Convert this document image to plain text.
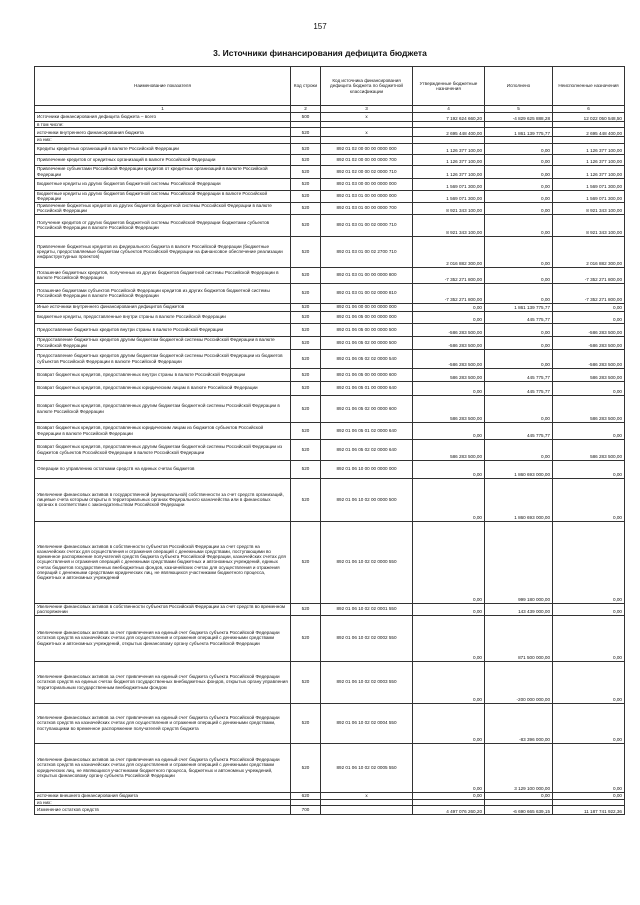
157
3. Источники финансирования дефицита бюджета
Наименование показателя	Код строки	Код источника финансирования дефицита бюджета по бюджетной классификации	Утвержденные бюджетные назначения	Исполнено	Неисполненные назначения
1	2	3	4	5	6
Источники финансирования дефицита бюджета – всего	500	x	7 192 624 660,20	-4 829 625 888,28	12 022 050 548,50
в том числе:					
источники внутреннего финансирования бюджета	520	x	2 695 448 400,00	1 861 139 775,77	2 695 448 400,00
из них:					
Кредиты кредитных организаций в валюте Российской Федерации	520	892 01 02 00 00 00 0000 000	1 126 377 100,00	0,00	1 126 377 100,00
Привлечение кредитов от кредитных организаций в валюте Российской Федерации	520	892 01 02 00 00 00 0000 700	1 126 377 100,00	0,00	1 126 377 100,00
Привлечение субъектами Российской Федерации кредитов от кредитных организаций в валюте Российской Федерации	520	892 01 02 00 00 02 0000 710	1 126 377 100,00	0,00	1 126 377 100,00
Бюджетные кредиты из других бюджетов бюджетной системы Российской Федерации	520	892 01 03 00 00 00 0000 000	1 569 071 300,00	0,00	1 569 071 300,00
Бюджетные кредиты из других бюджетов бюджетной системы Российской Федерации в валюте Российской Федерации	520	892 01 03 01 00 00 0000 000	1 569 071 300,00	0,00	1 569 071 300,00
Привлечение бюджетных кредитов из других бюджетов бюджетной системы Российской Федерации в валюте Российской Федерации	520	892 01 03 01 00 00 0000 700	8 921 343 100,00	0,00	8 921 343 100,00
Получение кредитов от других бюджетов бюджетной системы Российской Федерации бюджетами субъектов Российской Федерации в валюте Российской Федерации	520	892 01 03 01 00 02 0000 710	8 921 343 100,00	0,00	8 921 343 100,00
Привлечение бюджетных кредитов из федерального бюджета в валюте Российской Федерации (бюджетные кредиты, предоставляемые бюджетам субъектов Российской Федерации на финансовое обеспечение реализации инфраструктурных проектов)	520	892 01 03 01 00 02 2700 710	2 016 882 300,00	0,00	2 016 882 300,00
Погашение бюджетных кредитов, полученных из других бюджетов бюджетной системы Российской Федерации в валюте Российской Федерации	520	892 01 03 01 00 00 0000 800	-7 352 271 800,00	0,00	-7 352 271 800,00
Погашение бюджетами субъектов Российской Федерации кредитов из других бюджетов бюджетной системы Российской Федерации в валюте Российской Федерации	520	892 01 03 01 00 02 0000 810	-7 352 271 800,00	0,00	-7 352 271 800,00
Иные источники внутреннего финансирования дефицитов бюджетов	520	892 01 06 00 00 00 0000 000	0,00	1 861 139 775,77	0,00
Бюджетные кредиты, предоставленные внутри страны в валюте Российской Федерации	520	892 01 06 05 00 00 0000 000	0,00	445 775,77	0,00
Предоставление бюджетных кредитов внутри страны в валюте Российской Федерации	520	892 01 06 05 00 00 0000 500	-586 283 500,00	0,00	-586 283 500,00
Предоставление бюджетных кредитов другим бюджетам бюджетной системы Российской Федерации в валюте Российской Федерации	520	892 01 06 05 02 00 0000 500	-586 283 500,00	0,00	-586 283 500,00
Предоставление бюджетных кредитов другим бюджетам бюджетной системы Российской Федерации из бюджетов субъектов Российской Федерации в валюте Российской Федерации	520	892 01 06 05 02 02 0000 540	-586 283 500,00	0,00	-586 283 500,00
Возврат бюджетных кредитов, предоставленных внутри страны в валюте Российской Федерации	520	892 01 06 05 00 00 0000 600	586 283 500,00	445 775,77	586 283 500,00
Возврат бюджетных кредитов, предоставленных юридическим лицам в валюте Российской Федерации	520	892 01 06 05 01 00 0000 640	0,00	445 775,77	0,00
Возврат бюджетных кредитов, предоставленных другим бюджетам бюджетной системы Российской Федерации в валюте Российской Федерации	520	892 01 06 05 02 00 0000 600	586 283 500,00	0,00	586 283 500,00
Возврат бюджетных кредитов, предоставленных юридическим лицам из бюджетов субъектов Российской Федерации в валюте Российской Федерации	520	892 01 06 05 01 02 0000 640	0,00	445 775,77	0,00
Возврат бюджетных кредитов, предоставленных другим бюджетам бюджетной системы Российской Федерации из бюджетов субъектов Российской Федерации в валюте Российской Федерации	520	892 01 06 05 02 02 0000 640	586 283 500,00	0,00	586 283 500,00
Операции по управлению остатками средств на единых счетах бюджетов	520	892 01 06 10 00 00 0000 000	0,00	1 860 693 000,00	0,00
Увеличение финансовых активов в государственной (муниципальной) собственности за счет средств организаций, лицевые счета которым открыты в территориальных органах Федерального казначейства или в финансовых органах в соответствии с законодательством Российской Федерации	520	892 01 06 10 02 00 0000 500	0,00	1 860 693 000,00	0,00
Увеличение финансовых активов в собственности субъектов Российской Федерации за счет средств на казначейских счетах для осуществления и отражения операций с денежными средствами, поступающими во временное распоряжение получателей средств бюджета субъекта Российской Федерации, казначейских счетах для осуществления и отражения операций с денежными средствами бюджетных и автономных учреждений, единых счетах бюджетов государственных внебюджетных фондов, казначейских счетах для осуществления и отражения операций с денежными средствами юридических лиц, не являющихся участниками бюджетного процесса, бюджетных и автономных учреждений	520	892 01 06 10 02 02 0000 550	0,00	999 180 000,00	0,00
Увеличение финансовых активов в собственности субъектов Российской Федерации за счет средств во временном распоряжении	520	892 01 06 10 02 02 0001 550	0,00	143 439 000,00	0,00
Увеличение финансовых активов за счет привлечения на единый счет бюджета субъекта Российской Федерации остатков средств на казначейских счетах для осуществления и отражения операций с денежными средствами бюджетных и автономных учреждений, открытых финансовому органу субъекта Российской Федерации	520	892 01 06 10 02 02 0002 550	0,00	871 500 000,00	0,00
Увеличение финансовых активов за счет привлечения на единый счет бюджета субъекта Российской Федерации остатков средств на единых счетах бюджетов государственных внебюджетных фондов, открытых органу управления территориальным государственным внебюджетным фондом	520	892 01 06 10 02 02 0003 550	0,00	-200 000 000,00	0,00
Увеличение финансовых активов за счет привлечения на единый счет бюджета субъекта Российской Федерации остатков средств на казначейских счетах для осуществления и отражения операций с денежными средствами, поступающими во временное распоряжение получателей средств бюджета	520	892 01 06 10 02 02 0004 550	0,00	-83 396 000,00	0,00
Увеличение финансовых активов за счет привлечения на единый счет бюджета субъекта Российской Федерации остатков средств на казначейских счетах для осуществления и отражения операций с денежными средствами юридических лиц, не являющихся участниками бюджетного процесса, бюджетных и автономных учреждений, открытых финансовому органу субъекта Российской Федерации	520	892 01 06 10 02 02 0005 550	0,00	3 129 100 000,00	0,00
источники внешнего финансирования бюджета	620	x	0,00	0,00	0,00
из них:					
Изменение остатков средств	700		4 497 076 260,20	-6 690 665 639,15	11 187 741 922,36
